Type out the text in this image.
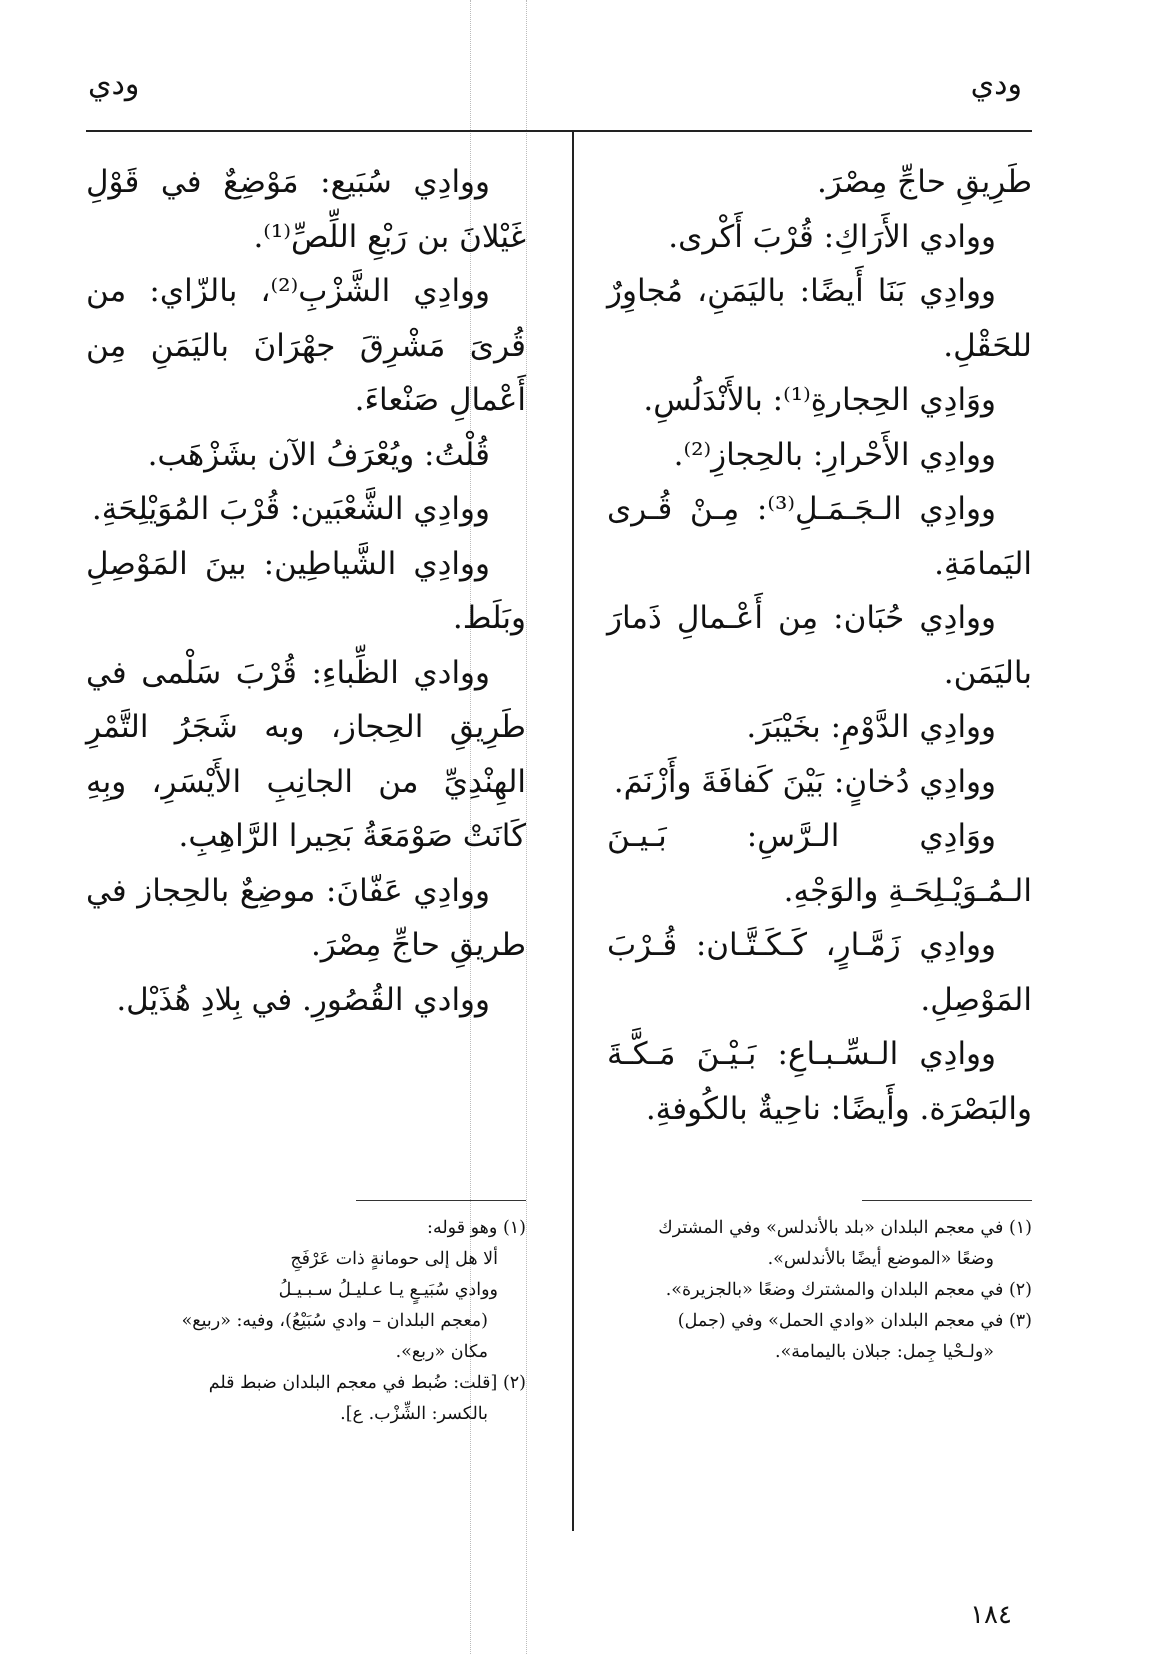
ودي
ودي

طَرِيقِ حاجِّ مِصْرَ.

ووادي الأَرَاكِ: قُرْبَ أَكْرى.

ووادِي بَنَا أَيضًا: باليَمَنِ، مُجاوِرٌ للحَقْلِ.

ووَادِي الحِجارةِ⁽¹⁾: بالأَنْدَلُسِ.

ووادِي الأَحْرارِ: بالحِجازِ⁽²⁾.

ووادِي الـجَـمَـلِ⁽³⁾: مِـنْ قُـرى اليَمامَةِ.

ووادِي حُبَان: مِن أَعْـمالِ ذَمارَ باليَمَن.

ووادِي الدَّوْمِ: بخَيْبَرَ.

ووادِي دُخانٍ: بَيْنَ كَفافَةَ وأَزْنَمَ.

ووَادِي الـرَّسِ: بَـيـنَ الـمُـوَيْـلِحَـةِ والوَجْهِ.

ووادِي زَمَّـارٍ، كَـكَـتَّـان: قُـرْبَ المَوْصِلِ.

ووادِي الـسِّـبـاعِ: بَـيْـنَ مَـكَّـةَ والبَصْرَة. وأَيضًا: ناحِيةٌ بالكُوفةِ.

(١) في معجم البلدان «بلد بالأندلس» وفي المشترك

وضعًا «الموضع أيضًا بالأندلس».

(٢) في معجم البلدان والمشترك وضعًا «بالجزيرة».

(٣) في معجم البلدان «وادي الحمل» وفي (جمل)

«ولـحْيا جِمل: جبلان باليمامة».

ووادِي سُبَيع: مَوْضِعٌ في قَوْلِ غَيْلانَ بن رَبْعِ اللِّصِّ⁽¹⁾.

ووادِي الشَّزْبِ⁽²⁾، بالزّاي: من قُرىَ مَشْرِقَ جهْرَانَ باليَمَنِ مِن أَعْمالِ صَنْعاءَ.

قُلْتُ: ويُعْرَفُ الآن بشَزْهَب.

ووادِي الشَّعْبَين: قُرْبَ المُوَيْلِحَةِ.

ووادِي الشَّياطِين: بينَ المَوْصِلِ وبَلَط.

ووادي الظِّباءِ: قُرْبَ سَلْمى في طَرِيقِ الحِجاز، وبه شَجَرُ التَّمْرِ الهِنْدِيِّ من الجانِبِ الأَيْسَرِ، وبِهِ كَانَتْ صَوْمَعَةُ بَحِيرا الرَّاهِبِ.

ووادِي عَفّانَ: موضِعٌ بالحِجاز في طريقِ حاجِّ مِصْرَ.

ووادي القُصُورِ. في بِلادِ هُذَيْل.

(١) وهو قوله:

ألا هل إلى حومانةٍ ذات عَرْفَجِ

ووادي سُبَيـعٍ يـا عـليـلُ سـبـيـلُ

(معجم البلدان – وادي سُبَيْعُ)، وفيه: «ربيع»

مكان «ربع».

(٢) [قلت: ضُبط في معجم البلدان ضبط قلم

بالكسر: الشِّزْب. ع].

١٨٤
